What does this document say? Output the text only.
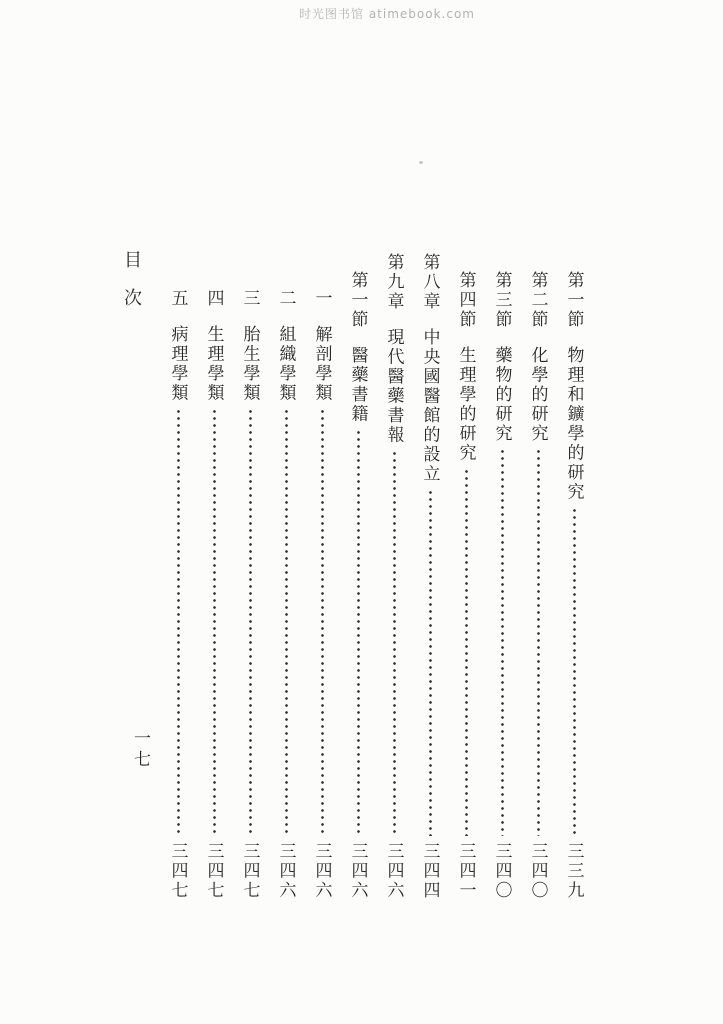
时光图书馆 atimebook.com
目次
一七
第一節
物理和鑛學的研究
三三九
第二節
化學的研究
三四〇
第三節
藥物的研究
三四〇
第四節
生理學的研究
三四一
第八章
中央國醫館的設立
三四四
第九章
現代醫藥書報
三四六
第一節
醫藥書籍
三四六
一
解剖學類
三四六
二
組織學類
三四六
三
胎生學類
三四七
四
生理學類
三四七
五
病理學類
三四七
